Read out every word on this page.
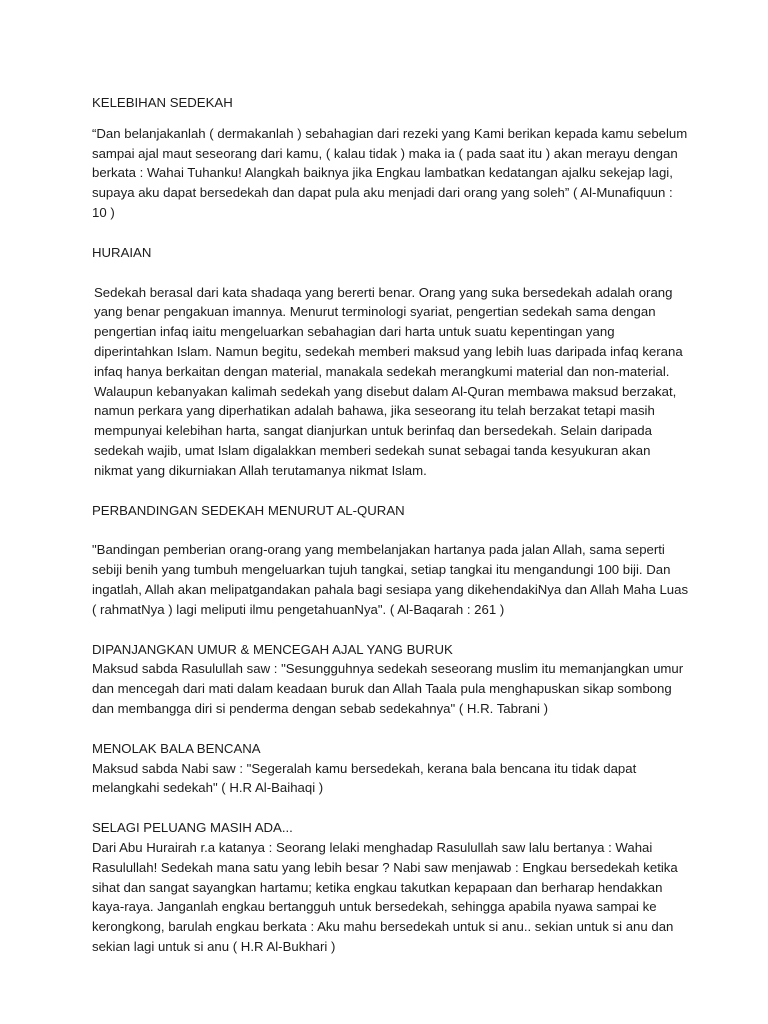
KELEBIHAN SEDEKAH

“Dan belanjakanlah ( dermakanlah ) sebahagian dari rezeki yang Kami berikan kepada kamu sebelum
sampai ajal maut seseorang dari kamu, ( kalau tidak ) maka ia ( pada saat itu ) akan merayu dengan
berkata : Wahai Tuhanku! Alangkah baiknya jika Engkau lambatkan kedatangan ajalku sekejap lagi,
supaya aku dapat bersedekah dan dapat pula aku menjadi dari orang yang soleh” ( Al-Munafiquun :
10 )

HURAIAN

Sedekah berasal dari kata shadaqa yang bererti benar. Orang yang suka bersedekah adalah orang
yang benar pengakuan imannya. Menurut terminologi syariat, pengertian sedekah sama dengan
pengertian infaq iaitu mengeluarkan sebahagian dari harta untuk suatu kepentingan yang
diperintahkan Islam. Namun begitu, sedekah memberi maksud yang lebih luas daripada infaq kerana
infaq hanya berkaitan dengan material, manakala sedekah merangkumi material dan non-material.
Walaupun kebanyakan kalimah sedekah yang disebut dalam Al-Quran membawa maksud berzakat,
namun perkara yang diperhatikan adalah bahawa, jika seseorang itu telah berzakat tetapi masih
mempunyai kelebihan harta, sangat dianjurkan untuk berinfaq dan bersedekah. Selain daripada
sedekah wajib, umat Islam digalakkan memberi sedekah sunat sebagai tanda kesyukuran akan
nikmat yang dikurniakan Allah terutamanya nikmat Islam.

PERBANDINGAN SEDEKAH MENURUT AL-QURAN

"Bandingan pemberian orang-orang yang membelanjakan hartanya pada jalan Allah, sama seperti
sebiji benih yang tumbuh mengeluarkan tujuh tangkai, setiap tangkai itu mengandungi 100 biji. Dan
ingatlah, Allah akan melipatgandakan pahala bagi sesiapa yang dikehendakiNya dan Allah Maha Luas
( rahmatNya ) lagi meliputi ilmu pengetahuanNya". ( Al-Baqarah : 261 )

DIPANJANGKAN UMUR & MENCEGAH AJAL YANG BURUK

Maksud sabda Rasulullah saw : "Sesungguhnya sedekah seseorang muslim itu memanjangkan umur
dan mencegah dari mati dalam keadaan buruk dan Allah Taala pula menghapuskan sikap sombong
dan membangga diri si penderma dengan sebab sedekahnya" ( H.R. Tabrani )

MENOLAK BALA BENCANA

Maksud sabda Nabi saw : "Segeralah kamu bersedekah, kerana bala bencana itu tidak dapat
melangkahi sedekah" ( H.R Al-Baihaqi )

SELAGI PELUANG MASIH ADA...

Dari Abu Hurairah r.a katanya : Seorang lelaki menghadap Rasulullah saw lalu bertanya : Wahai
Rasulullah! Sedekah mana satu yang lebih besar ? Nabi saw menjawab : Engkau bersedekah ketika
sihat dan sangat sayangkan hartamu; ketika engkau takutkan kepapaan dan berharap hendakkan
kaya-raya. Janganlah engkau bertangguh untuk bersedekah, sehingga apabila nyawa sampai ke
kerongkong, barulah engkau berkata : Aku mahu bersedekah untuk si anu.. sekian untuk si anu dan
sekian lagi untuk si anu ( H.R Al-Bukhari )
